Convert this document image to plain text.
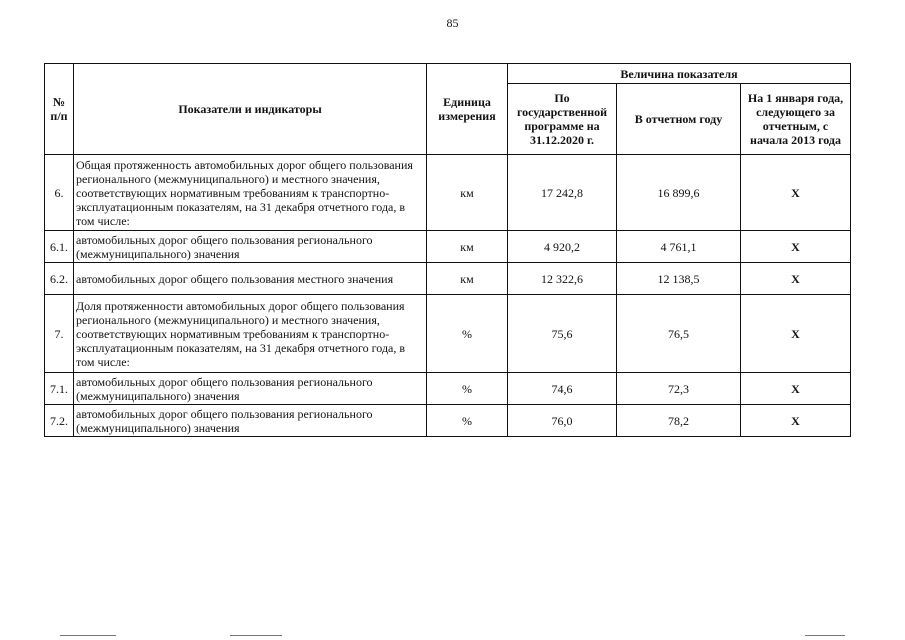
85
№ п/п	Показатели и индикаторы	Единица измерения	Величина показателя		
			По государственной программе на 31.12.2020 г.	В отчетном году	На 1 января года, следующего за отчетным, с начала 2013 года
6.	Общая протяженность автомобильных дорог общего пользования регионального (межмуниципального) и местного значения, соответствующих нормативным требованиям к транспортно-эксплуатационным показателям, на 31 декабря отчетного года, в том числе:	км	17 242,8	16 899,6	X
6.1.	автомобильных дорог общего пользования регионального (межмуниципального) значения	км	4 920,2	4 761,1	X
6.2.	автомобильных дорог общего пользования местного значения	км	12 322,6	12 138,5	X
7.	Доля протяженности автомобильных дорог общего пользования регионального (межмуниципального) и местного значения, соответствующих нормативным требованиям к транспортно-эксплуатационным показателям, на 31 декабря отчетного года, в том числе:	%	75,6	76,5	X
7.1.	автомобильных дорог общего пользования регионального (межмуниципального) значения	%	74,6	72,3	X
7.2.	автомобильных дорог общего пользования регионального (межмуниципального) значения	%	76,0	78,2	X
